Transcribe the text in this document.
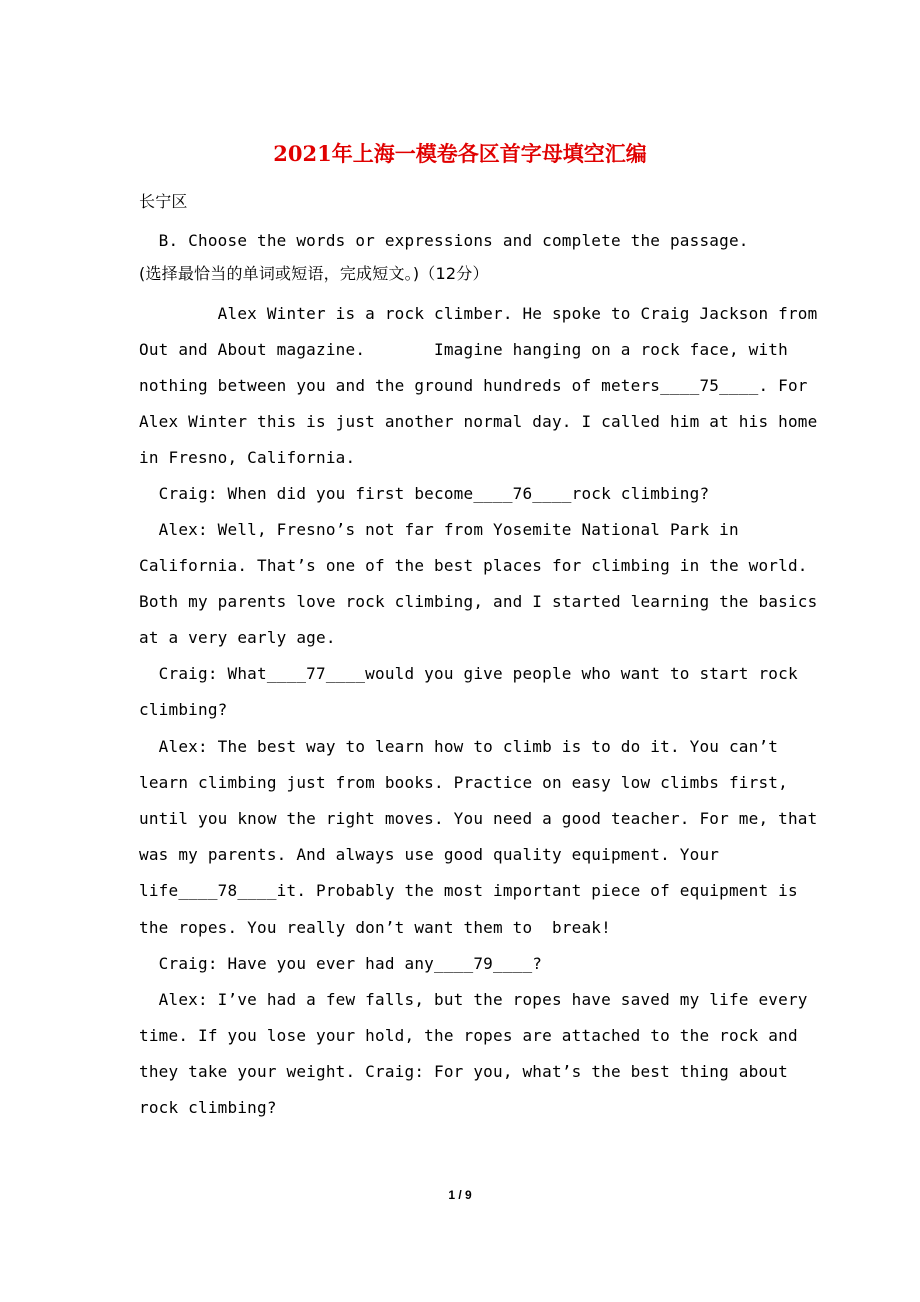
2021年上海一模卷各区首字母填空汇编
长宁区
B. Choose the words or expressions and complete the passage.
(选择最恰当的单词或短语，完成短文。)（12分）
Alex Winter is a rock climber. He spoke to Craig Jackson from
Out and About magazine.       Imagine hanging on a rock face, with
nothing between you and the ground hundreds of meters____75____. For
Alex Winter this is just another normal day. I called him at his home
in Fresno, California.
Craig: When did you first become____76____rock climbing?
Alex: Well, Fresno’s not far from Yosemite National Park in
California. That’s one of the best places for climbing in the world.
Both my parents love rock climbing, and I started learning the basics
at a very early age.
Craig: What____77____would you give people who want to start rock
climbing?
Alex: The best way to learn how to climb is to do it. You can’t
learn climbing just from books. Practice on easy low climbs first,
until you know the right moves. You need a good teacher. For me, that
was my parents. And always use good quality equipment. Your
life____78____it. Probably the most important piece of equipment is
the ropes. You really don’t want them to  break!
Craig: Have you ever had any____79____?
Alex: I’ve had a few falls, but the ropes have saved my life every
time. If you lose your hold, the ropes are attached to the rock and
they take your weight. Craig: For you, what’s the best thing about
rock climbing?
1 / 9
